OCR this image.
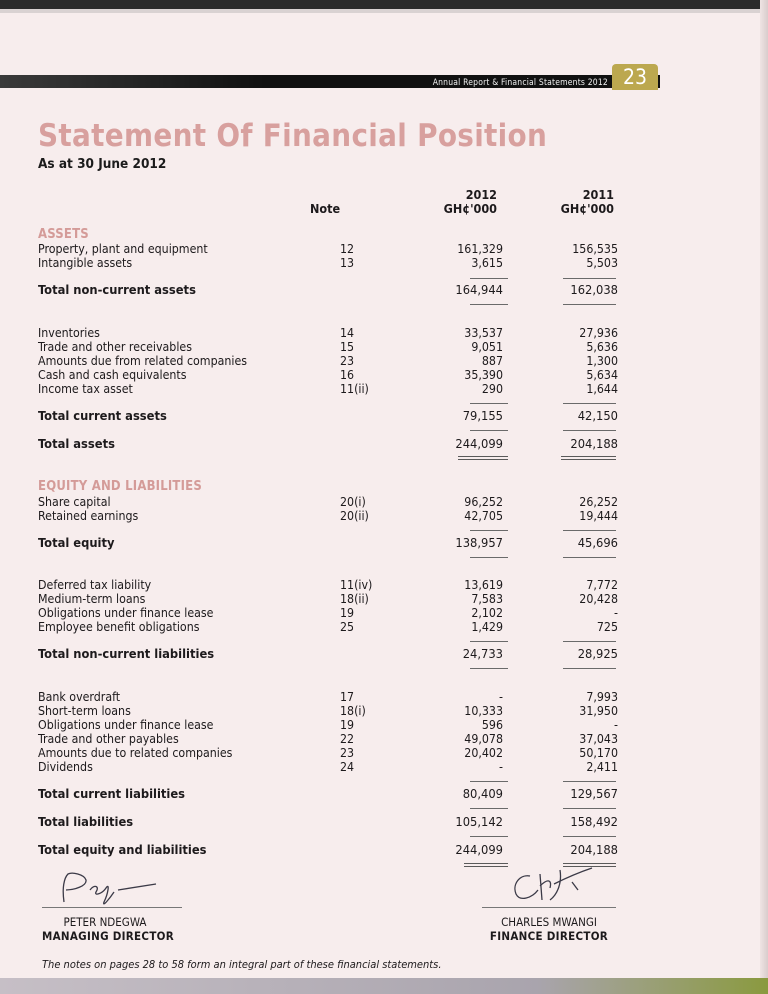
Annual Report & Financial Statements 2012 23
Statement Of Financial Position
As at 30 June 2012
Note
2012
GH¢'000
2011
GH¢'000
ASSETS
EQUITY AND LIABILITIES
Property, plant and equipment	12	161,329	156,535
Intangible assets	13	3,615	5,503
Total non-current assets	164,944	162,038
Inventories	14	33,537	27,936
Trade and other receivables	15	9,051	5,636
Amounts due from related companies	23	887	1,300
Cash and cash equivalents	16	35,390	5,634
Income tax asset	11(ii)	290	1,644
Total current assets	79,155	42,150
Total assets	244,099	204,188
Share capital	20(i)	96,252	26,252
Retained earnings	20(ii)	42,705	19,444
Total equity	138,957	45,696
Deferred tax liability	11(iv)	13,619	7,772
Medium-term loans	18(ii)	7,583	20,428
Obligations under finance lease	19	2,102	-
Employee benefit obligations	25	1,429	725
Total non-current liabilities	24,733	28,925
Bank overdraft	17	-	7,993
Short-term loans	18(i)	10,333	31,950
Obligations under finance lease	19	596	-
Trade and other payables	22	49,078	37,043
Amounts due to related companies	23	20,402	50,170
Dividends	24	-	2,411
Total current liabilities	80,409	129,567
Total liabilities	105,142	158,492
Total equity and liabilities	244,099	204,188
PETER NDEGWA
MANAGING DIRECTOR
CHARLES MWANGI
FINANCE DIRECTOR
The notes on pages 28 to 58 form an integral part of these financial statements.
